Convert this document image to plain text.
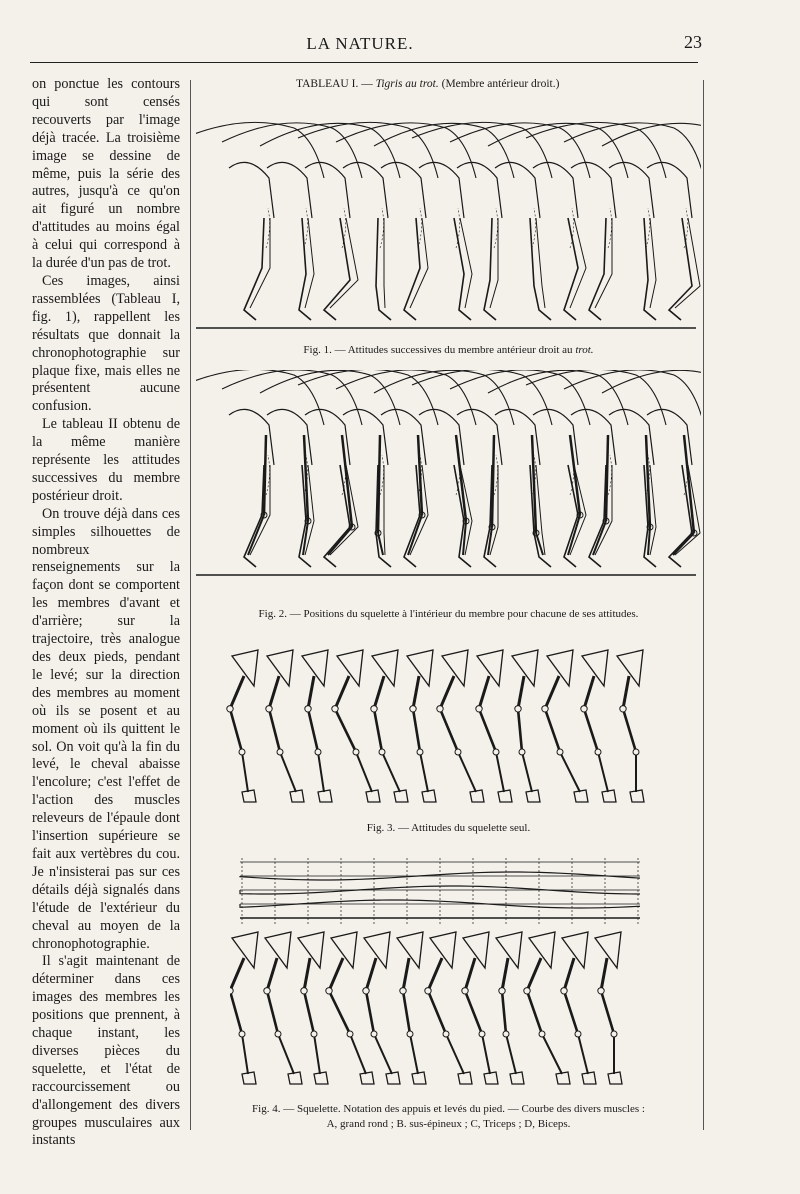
LA NATURE.	23

on ponctue les contours qui sont censés recouverts par l'image déjà tracée. La troisième image se dessine de même, puis la série des autres, jusqu'à ce qu'on ait figuré un nombre d'attitudes au moins égal à celui qui correspond à la durée d'un pas de trot.

Ces images, ainsi rassemblées (Tableau I, fig. 1), rappellent les résultats que donnait la chronophotographie sur plaque fixe, mais elles ne présentent aucune confusion.

Le tableau II obtenu de la même manière représente les attitudes successives du membre postérieur droit.

On trouve déjà dans ces simples silhouettes de nombreux renseignements sur la façon dont se comportent les membres d'avant et d'arrière; sur la trajectoire, très analogue des deux pieds, pendant le levé; sur la direction des membres au moment où ils se posent et au moment où ils quittent le sol. On voit qu'à la fin du levé, le cheval abaisse l'encolure; c'est l'effet de l'action des muscles releveurs de l'épaule dont l'insertion supérieure se fait aux vertèbres du cou. Je n'insisterai pas sur ces détails déjà signalés dans l'étude de l'extérieur du cheval au moyen de la chronophotographie.

Il s'agit maintenant de déterminer dans ces images des membres les positions que prennent, à chaque instant, les diverses pièces du squelette, et l'état de raccourcissement ou d'allongement des divers groupes musculaires aux instants

TABLEAU I. — Tigris au trot. (Membre antérieur droit.)
Fig. 1. — Attitudes successives du membre antérieur droit au trot.
Fig. 2. — Positions du squelette à l'intérieur du membre pour chacune de ses attitudes.
Fig. 3. — Attitudes du squelette seul.
Fig. 4. — Squelette. Notation des appuis et levés du pied. — Courbe des divers muscles :
A, grand rond ; B. sus-épineux ; C, Triceps ; D, Biceps.
